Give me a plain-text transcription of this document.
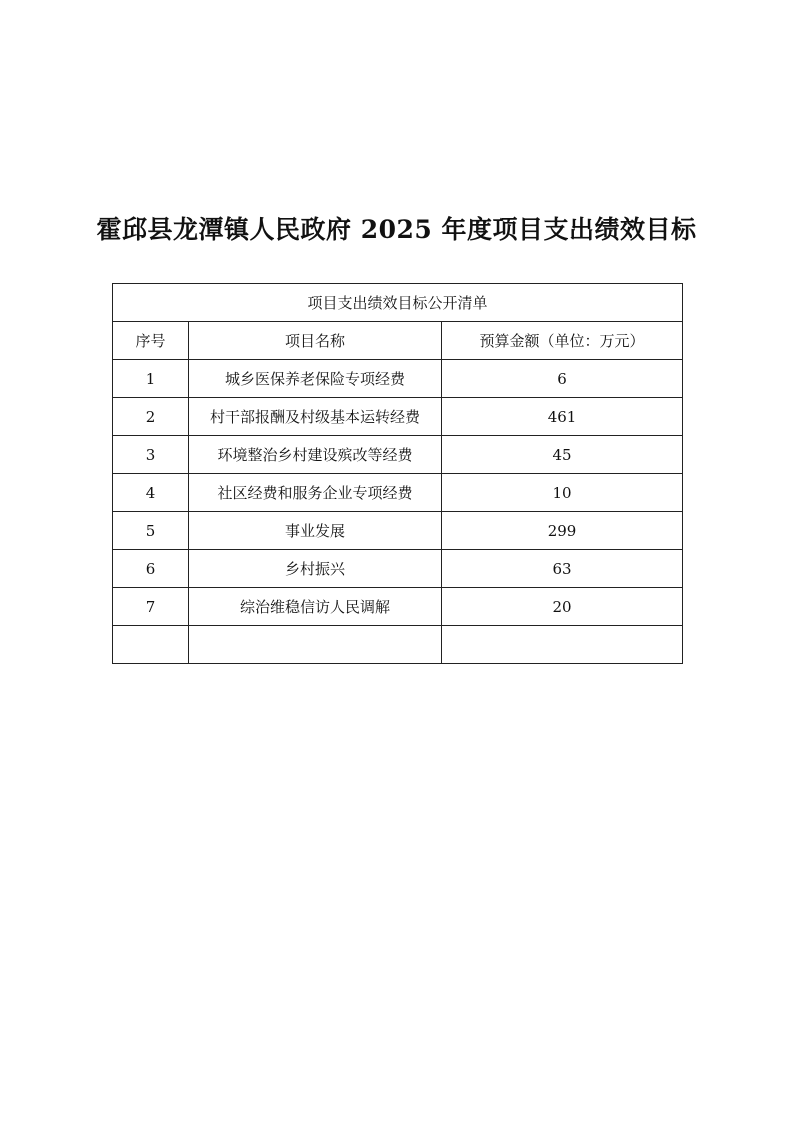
霍邱县龙潭镇人民政府 2025 年度项目支出绩效目标
项目支出绩效目标公开清单		
序号	项目名称	预算金额（单位：万元）
1	城乡医保养老保险专项经费	6
2	村干部报酬及村级基本运转经费	461
3	环境整治乡村建设殡改等经费	45
4	社区经费和服务企业专项经费	10
5	事业发展	299
6	乡村振兴	63
7	综治维稳信访人民调解	20
